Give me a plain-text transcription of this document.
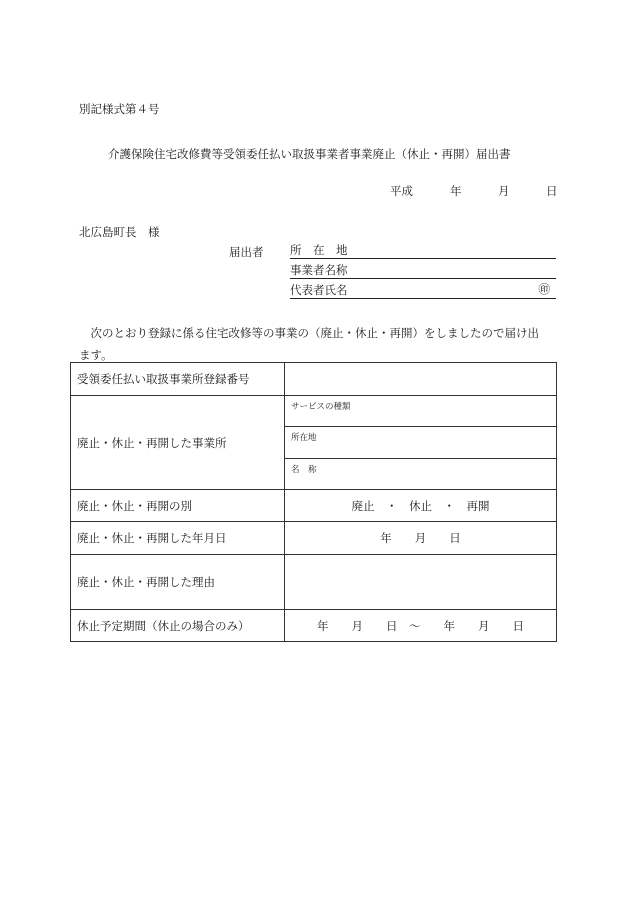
別記様式第４号
介護保険住宅改修費等受領委任払い取扱事業者事業廃止（休止・再開）届出書
平成	年	月	日
北広島町長　様
届出者 所　在　地
事業者名称
代表者氏名	㊞
次のとおり登録に係る住宅改修等の事業の（廃止・休止・再開）をしましたので届け出
ます。
受領委任払い取扱事業所登録番号	
廃止・休止・再開した事業所	サービスの種類
	所在地
	名　称
廃止・休止・再開の別	廃止　・　休止　・　再開
廃止・休止・再開した年月日	年　　月　　日
廃止・休止・再開した理由	
休止予定期間（休止の場合のみ）	年　　月　　日　～　　年　　月　　日
